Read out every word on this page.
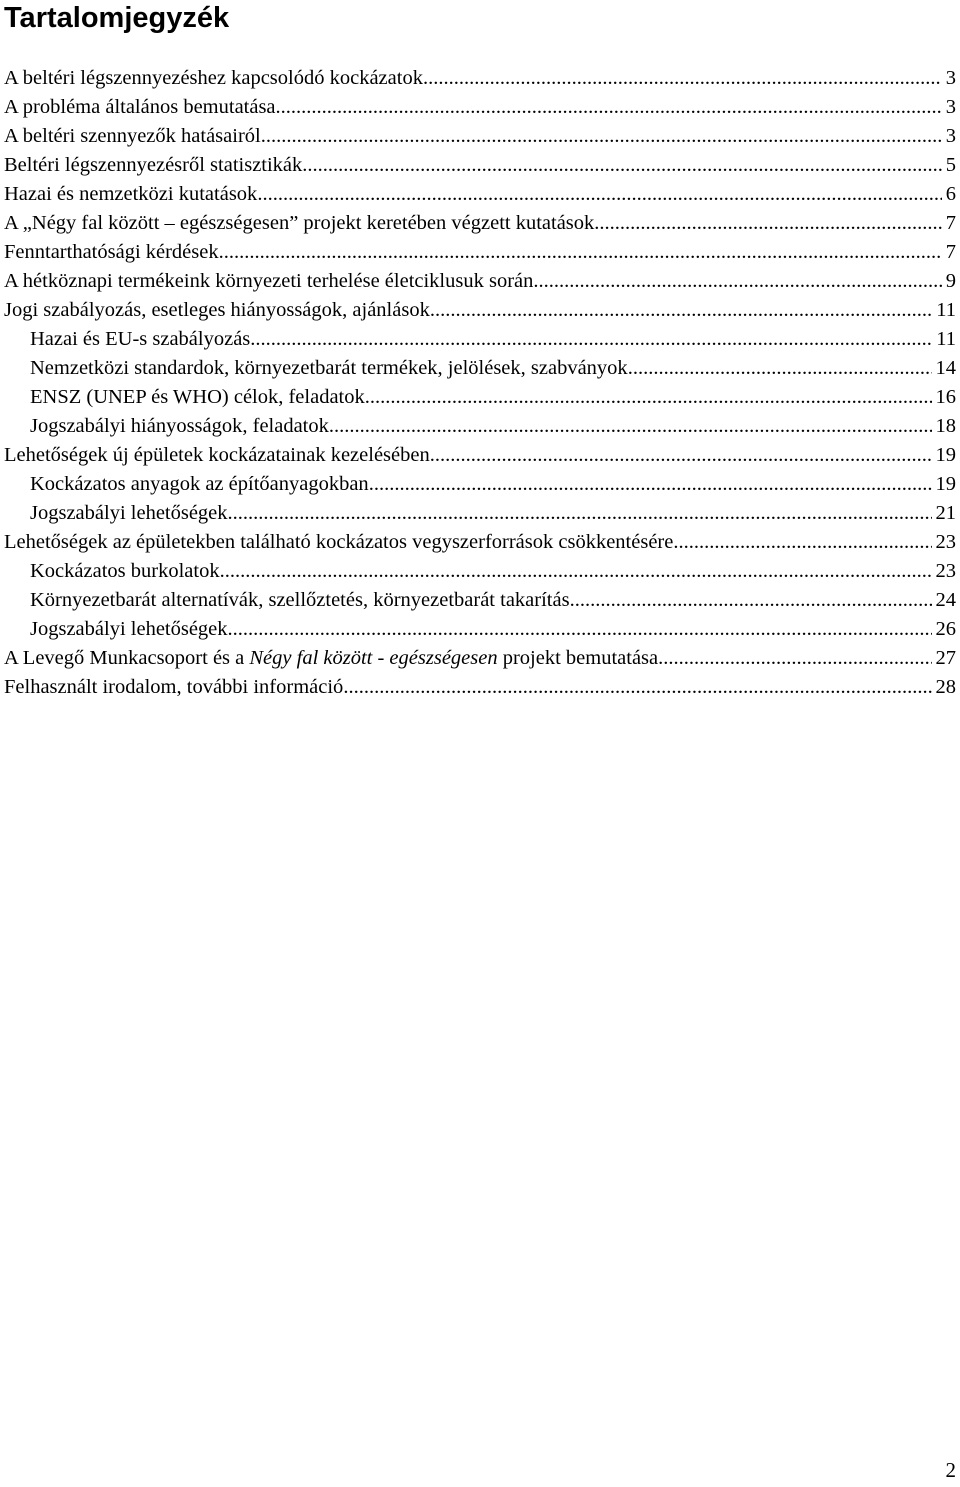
Tartalomjegyzék
A beltéri légszennyezéshez kapcsolódó kockázatok .....	3
A probléma általános bemutatása .....	3
A beltéri szennyezők hatásairól .....	3
Beltéri légszennyezésről statisztikák .....	5
Hazai és nemzetközi kutatások .....	6
A „Négy fal között – egészségesen” projekt keretében végzett kutatások .....	7
Fenntarthatósági kérdések .....	7
A hétköznapi termékeink környezeti terhelése életciklusuk során .....	9
Jogi szabályozás, esetleges hiányosságok, ajánlások .....	11
Hazai és EU-s szabályozás .....	11
Nemzetközi standardok, környezetbarát termékek, jelölések, szabványok .....	14
ENSZ (UNEP és WHO) célok, feladatok .....	16
Jogszabályi hiányosságok, feladatok .....	18
Lehetőségek új épületek kockázatainak kezelésében .....	19
Kockázatos anyagok az építőanyagokban .....	19
Jogszabályi lehetőségek .....	21
Lehetőségek az épületekben található kockázatos vegyszerforrások csökkentésére .....	23
Kockázatos burkolatok .....	23
Környezetbarát alternatívák, szellőztetés, környezetbarát takarítás .....	24
Jogszabályi lehetőségek .....	26
A Levegő Munkacsoport és a Négy fal között - egészségesen projekt bemutatása .....	27
Felhasznált irodalom, további információ .....	28
2
